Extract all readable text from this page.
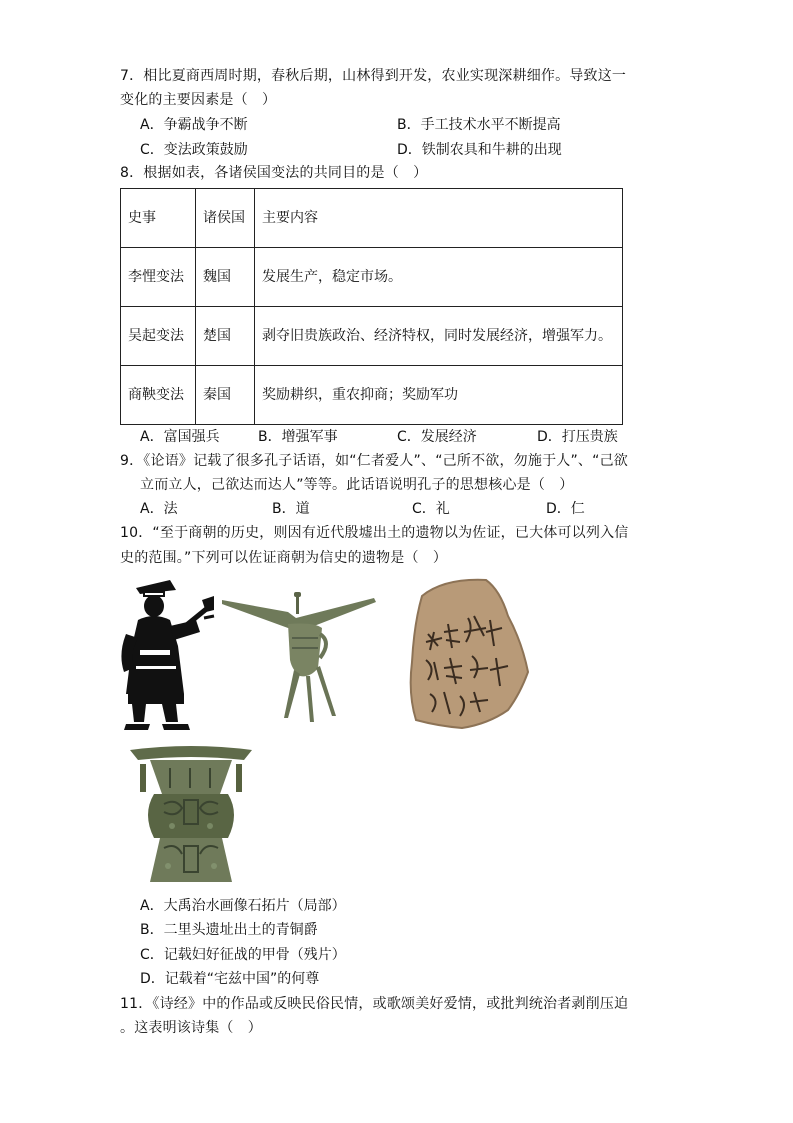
7．相比夏商西周时期，春秋后期，山林得到开发，农业实现深耕细作。导致这一
变化的主要因素是（　）
A．争霸战争不断	B．手工技术水平不断提高
C．变法政策鼓励	D．铁制农具和牛耕的出现
8．根据如表，各诸侯国变法的共同目的是（　）
史事	诸侯国	主要内容
李悝变法	魏国	发展生产，稳定市场。
吴起变法	楚国	剥夺旧贵族政治、经济特权，同时发展经济，增强军力。
商鞅变法	秦国	奖励耕织，重农抑商；奖励军功
A．富国强兵	B．增强军事	C．发展经济	D．打压贵族
9．《论语》记载了很多孔子话语，如“仁者爱人”、“己所不欲，勿施于人”、“己欲
立而立人，己欲达而达人”等等。此话语说明孔子的思想核心是（　）
A．法	B．道	C．礼	D．仁
10．“至于商朝的历史，则因有近代殷墟出土的遗物以为佐证，已大体可以列入信
史的范围。”下列可以佐证商朝为信史的遗物是（　）
A．大禹治水画像石拓片（局部）
B．二里头遗址出土的青铜爵
C．记载妇好征战的甲骨（残片）
D．记载着“宅兹中国”的何尊
11．《诗经》中的作品或反映民俗民情，或歌颂美好爱情，或批判统治者剥削压迫
。这表明该诗集（　）
